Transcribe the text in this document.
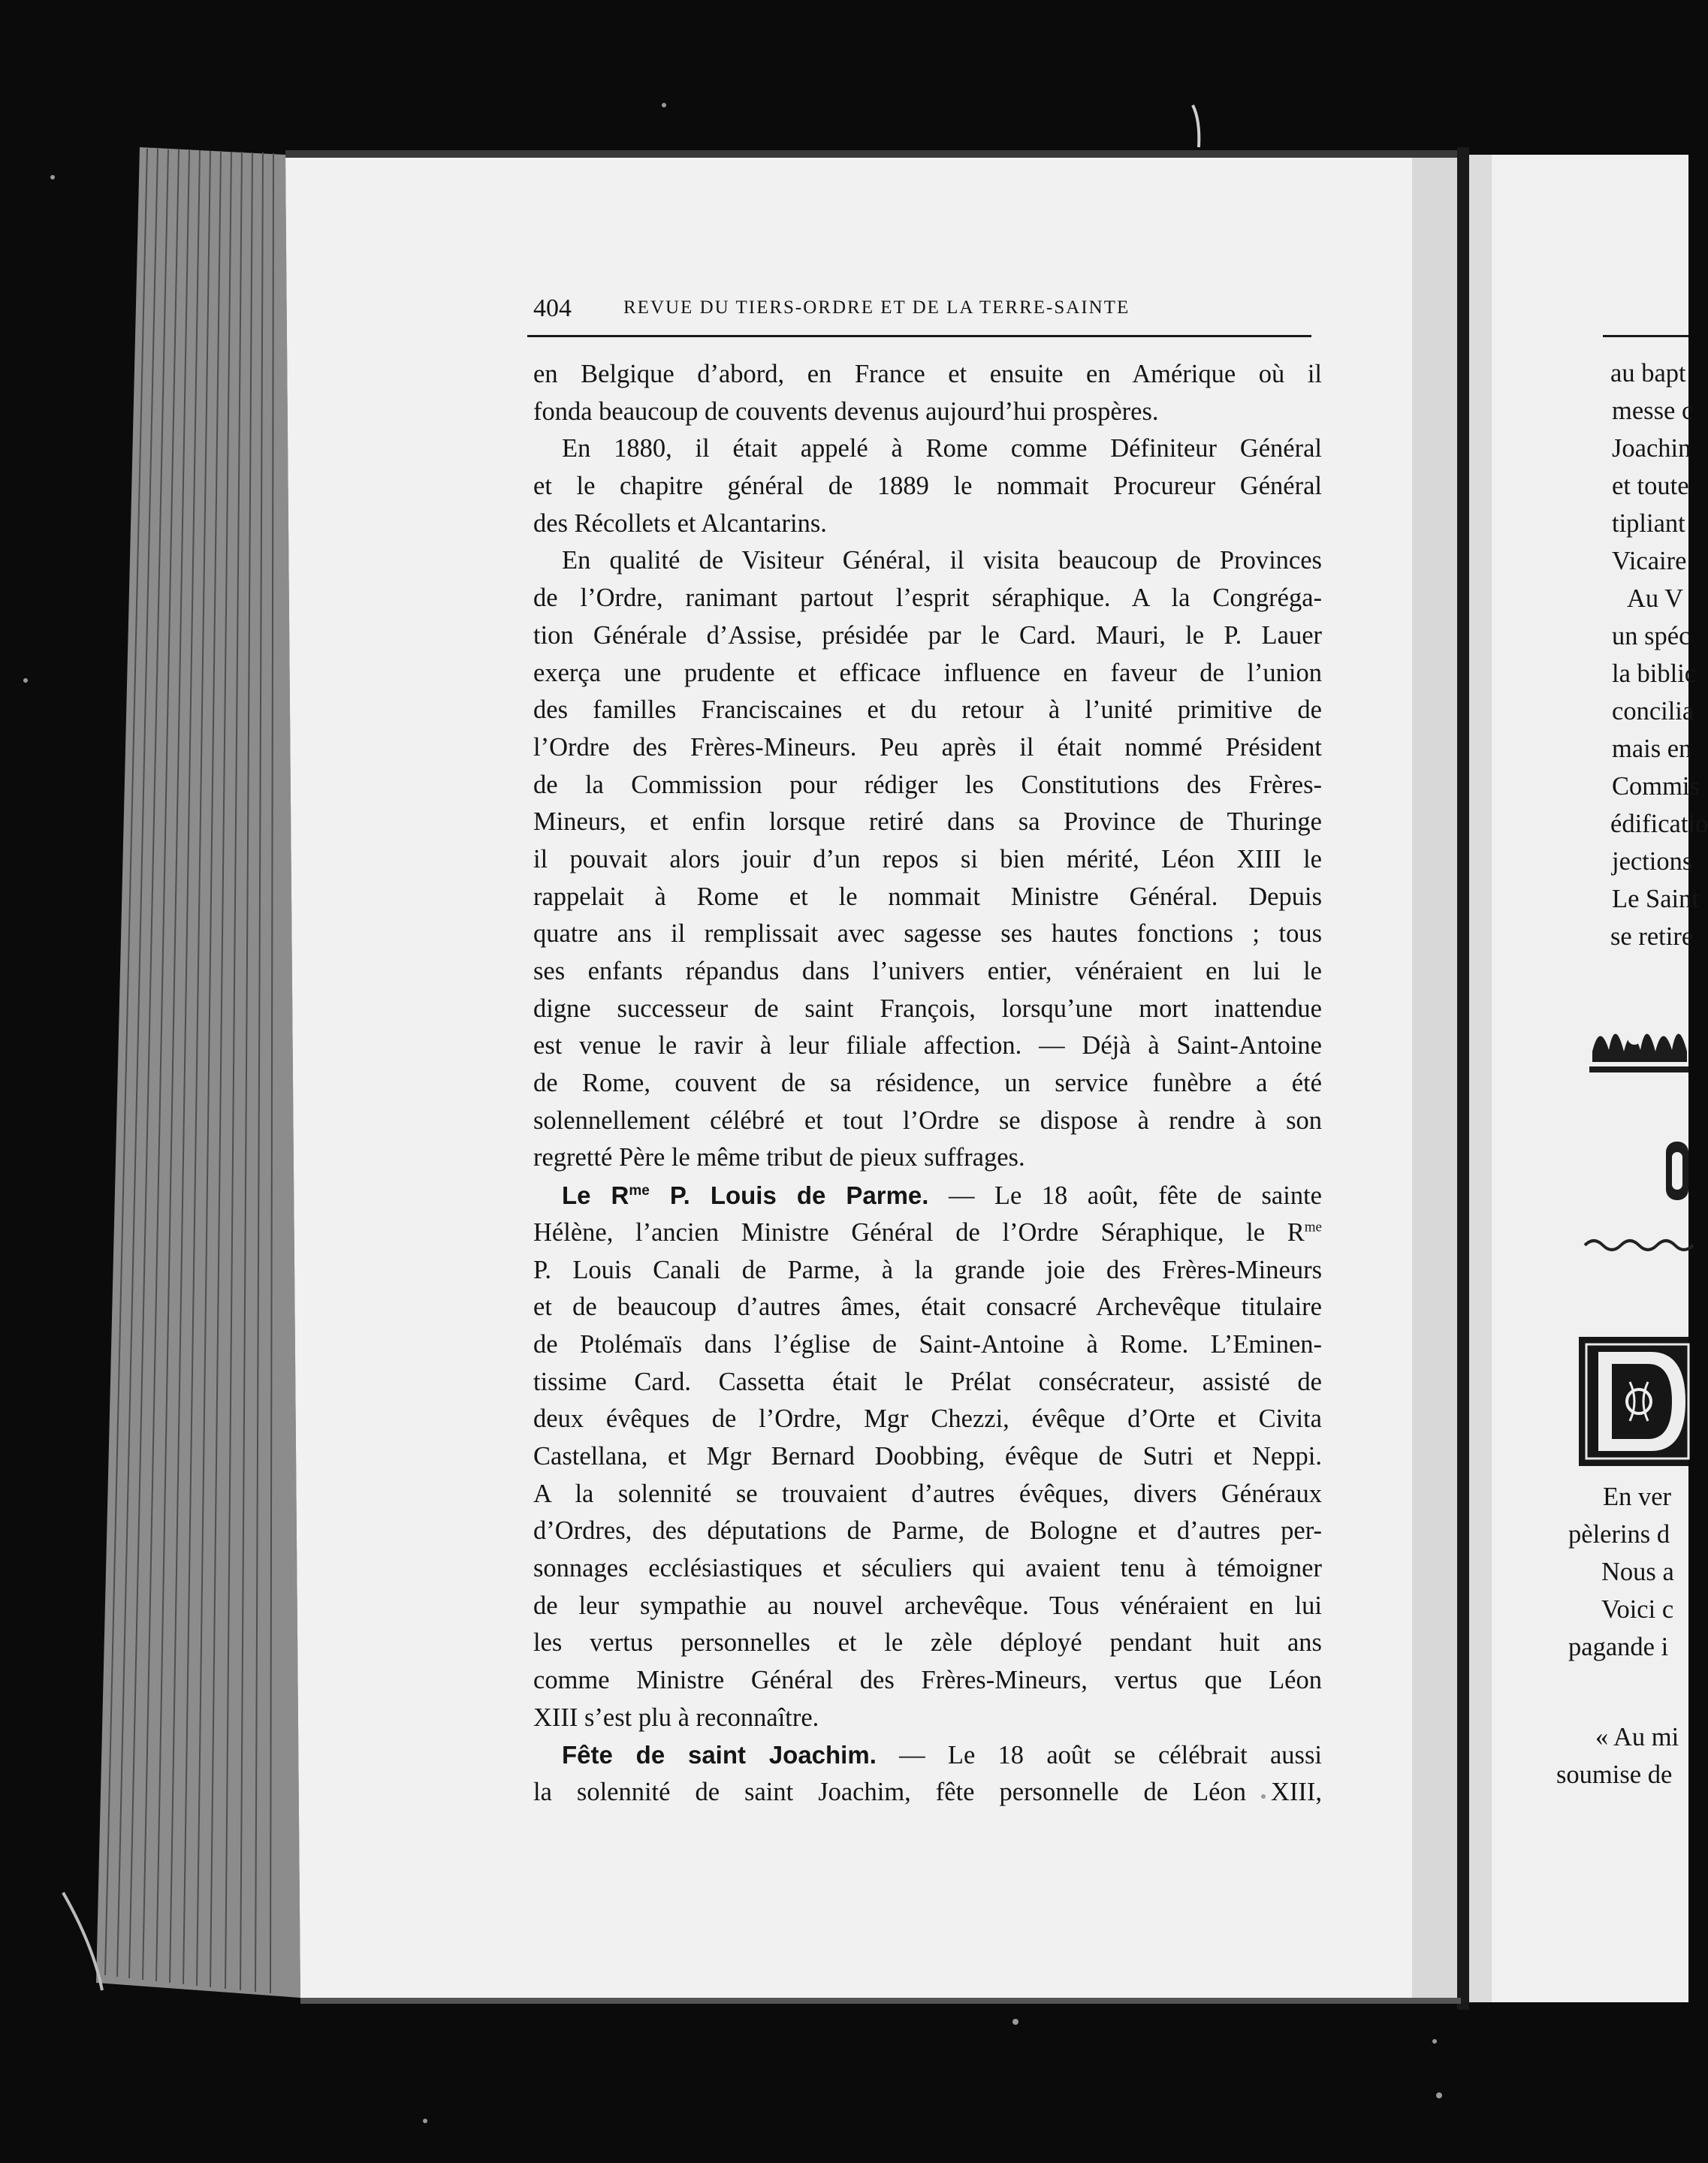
404	REVUE DU TIERS-ORDRE ET DE LA TERRE-SAINTE
en Belgique d’abord, en France et ensuite en Amérique où il
fonda beaucoup de couvents devenus aujourd’hui prospères.
En 1880, il était appelé à Rome comme Définiteur Général
et le chapitre général de 1889 le nommait Procureur Général
des Récollets et Alcantarins.
En qualité de Visiteur Général, il visita beaucoup de Provinces
de l’Ordre, ranimant partout l’esprit séraphique. A la Congréga-
tion Générale d’Assise, présidée par le Card. Mauri, le P. Lauer
exerça une prudente et efficace influence en faveur de l’union
des familles Franciscaines et du retour à l’unité primitive de
l’Ordre des Frères-Mineurs. Peu après il était nommé Président
de la Commission pour rédiger les Constitutions des Frères-
Mineurs, et enfin lorsque retiré dans sa Province de Thuringe
il pouvait alors jouir d’un repos si bien mérité, Léon XIII le
rappelait à Rome et le nommait Ministre Général. Depuis
quatre ans il remplissait avec sagesse ses hautes fonctions ; tous
ses enfants répandus dans l’univers entier, vénéraient en lui le
digne successeur de saint François, lorsqu’une mort inattendue
est venue le ravir à leur filiale affection. — Déjà à Saint-Antoine
de Rome, couvent de sa résidence, un service funèbre a été
solennellement célébré et tout l’Ordre se dispose à rendre à son
regretté Père le même tribut de pieux suffrages.
Le $R^{me}$ P. Louis de Parme. — Le 18 août, fête de sainte
Hélène, l’ancien Ministre Général de l’Ordre Séraphique, le $R^{me}$
P. Louis Canali de Parme, à la grande joie des Frères-Mineurs
et de beaucoup d’autres âmes, était consacré Archevêque titulaire
de Ptolémaïs dans l’église de Saint-Antoine à Rome. L’Eminen-
tissime Card. Cassetta était le Prélat consécrateur, assisté de
deux évêques de l’Ordre, Mgr Chezzi, évêque d’Orte et Civita
Castellana, et Mgr Bernard Doobbing, évêque de Sutri et Neppi.
A la solennité se trouvaient d’autres évêques, divers Généraux
d’Ordres, des députations de Parme, de Bologne et d’autres per-
sonnages ecclésiastiques et séculiers qui avaient tenu à témoigner
de leur sympathie au nouvel archevêque. Tous vénéraient en lui
les vertus personnelles et le zèle déployé pendant huit ans
comme Ministre Général des Frères-Mineurs, vertus que Léon
XIII s’est plu à reconnaître.
Fête de saint Joachim. — Le 18 août se célébrait aussi
la solennité de saint Joachim, fête personnelle de Léon XIII,
au bapt
messe c
Joachin
et toute
tipliant
Vicaire
Au V
un spéc
la biblic
concilia
mais en
Commis
édificatio
jections
Le Saint
se retire
En ver
pèlerins d
Nous a
Voici c
pagande i
« Au mi
soumise de
